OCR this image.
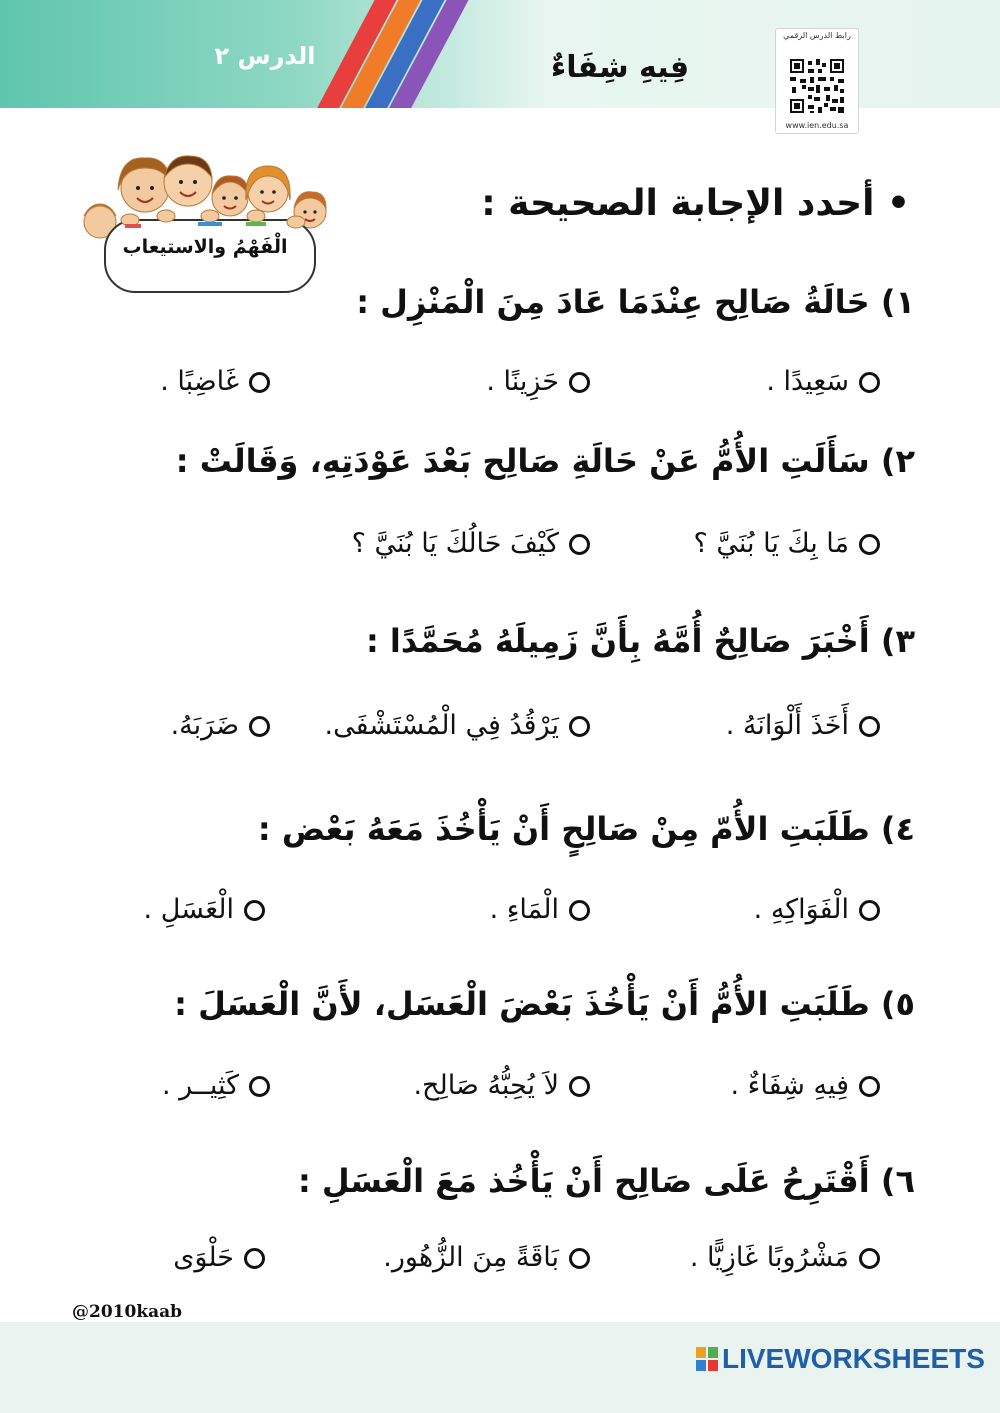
الدرس ٢	فِيهِ شِفَاءٌ
رابط الدرس الرقمي
www.ien.edu.sa
الْفَهْمُ والاستيعاب
• أحدد الإجابة الصحيحة :
١) حَالَةُ صَالِح عِنْدَمَا عَادَ مِنَ الْمَنْزِل :
سَعِيدًا .
حَزِينًا .
غَاضِبًا .
٢) سَأَلَتِ الأُمُّ عَنْ حَالَةِ صَالِح بَعْدَ عَوْدَتِهِ، وَقَالَتْ :
مَا بِكَ يَا بُنَيَّ ؟
كَيْفَ حَالُكَ يَا بُنَيَّ ؟
٣) أَخْبَرَ صَالِحٌ أُمَّهُ بِأَنَّ زَمِيلَهُ مُحَمَّدًا :
أَخَذَ أَلْوَانَهُ .
يَرْقُدُ فِي الْمُسْتَشْفَى.
ضَرَبَهُ.
٤) طَلَبَتِ الأُمّ مِنْ صَالِحٍ أَنْ يَأْخُذَ مَعَهُ بَعْض :
الْفَوَاكِهِ .
الْمَاءِ .
الْعَسَلِ .
٥) طَلَبَتِ الأُمُّ أَنْ يَأْخُذَ بَعْضَ الْعَسَل، لأَنَّ الْعَسَلَ :
فِيهِ شِفَاءٌ .
لاَ يُحِبُّهُ صَالِح.
كَثِيــر .
٦) أَقْتَرِحُ عَلَى صَالِح أَنْ يَأْخُذ مَعَ الْعَسَلِ :
مَشْرُوبًا غَازِيًّا .
بَاقَةً مِنَ الزُّهُور.
حَلْوَى
@2010kaab
LIVEWORKSHEETS
